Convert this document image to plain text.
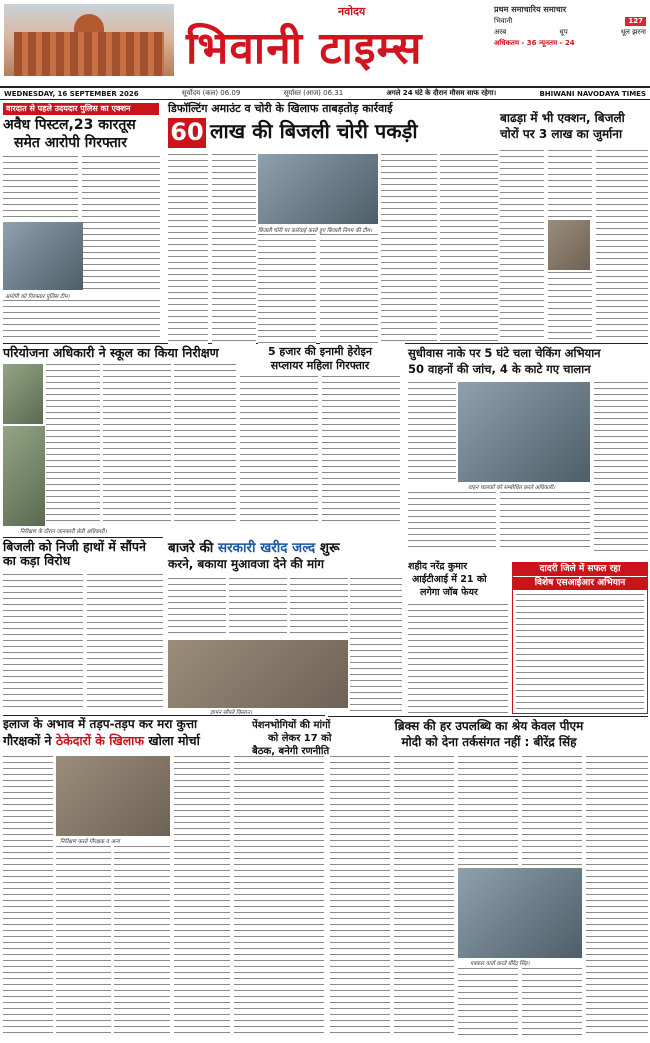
नवोदय
भिवानी टाइम्स
प्रथम समाचारिय समाचार
भिवानी	127
अरब	धूप	धूल झरना
अधिकतम - 36 न्यूनतम - 24
WEDNESDAY, 16 SEPTEMBER 2026	सूर्योदय (कल) 06.09	सूर्यास्त (आज) 06.31	अगले 24 घंटे के दौरान मौसम साफ रहेगा।	BHIWANI NAVODAYA TIMES
वारदात से पहले उदयदार पुलिस का एक्शन
अवैध पिस्टल,23 कारतूस
समेत आरोपी गिरफ्तार
आरोपी को गिरफ्तार पुलिस टीम।
परियोजना अधिकारी ने स्कूल का किया निरीक्षण
निरीक्षण के दौरान जानकारी लेती अधिकारी।
बिजली को निजी हाथों में सौंपने का कड़ा विरोध
इलाज के अभाव में तड़प-तड़प कर मरा कुत्ता
गौरक्षकों ने ठेकेदारों के खिलाफ खोला मोर्चा
निरीक्षण करते गौरक्षक व अन्य
डिफॉल्टिंग अमाउंट व चोरी के खिलाफ ताबड़तोड़ कार्रवाई
60 लाख की बिजली चोरी पकड़ी
बिजली चोरी पर कार्रवाई करते हुए बिजली निगम की टीम।
5 हजार की इनामी हेरोइन
सप्लायर महिला गिरफ्तार
बाजरे की सरकारी खरीद जल्द शुरू
करने, बकाया मुआवजा देने की मांग
ज्ञापन सौंपते किसान।
पेंशनभोगियों की मांगों
को लेकर 17 को
बैठक, बनेगी रणनीति
बाढड़ा में भी एक्शन, बिजली
चोरों पर 3 लाख का जुर्माना
सुधीवास नाके पर 5 घंटे चला चेकिंग अभियान
50 वाहनों की जांच, 4 के काटे गए चालान
वाहन चालकों को सम्बोधित करते अधिकारी।
शहीद नरेंद्र कुमार
आईटीआई में 21 को
लगेगा जॉब फेयर
दादरी जिले में सफल रहा
विशेष एसआईआर अभियान
ब्रिक्स की हर उपलब्धि का श्रेय केवल पीएम
मोदी को देना तर्कसंगत नहीं : बीरेंद्र सिंह
पत्रकार वार्ता करते बीरेंद्र सिंह।
